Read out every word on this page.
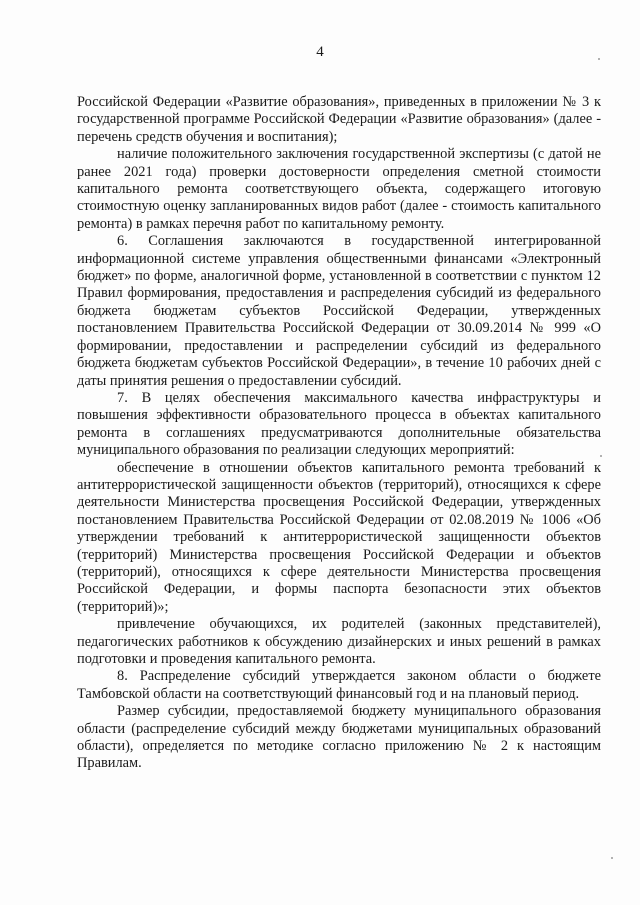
4

Российской Федерации «Развитие образования», приведенных в приложении № 3 к государственной программе Российской Федерации «Развитие образования» (далее - перечень средств обучения и воспитания);

наличие положительного заключения государственной экспертизы (с датой не ранее 2021 года) проверки достоверности определения сметной стоимости капитального ремонта соответствующего объекта, содержащего итоговую стоимостную оценку запланированных видов работ (далее - стоимость капитального ремонта) в рамках перечня работ по капитальному ремонту.

6. Соглашения заключаются в государственной интегрированной информационной системе управления общественными финансами «Электронный бюджет» по форме, аналогичной форме, установленной в соответствии с пунктом 12 Правил формирования, предоставления и распределения субсидий из федерального бюджета бюджетам субъектов Российской Федерации, утвержденных постановлением Правительства Российской Федерации от 30.09.2014 № 999 «О формировании, предоставлении и распределении субсидий из федерального бюджета бюджетам субъектов Российской Федерации», в течение 10 рабочих дней с даты принятия решения о предоставлении субсидий.

7. В целях обеспечения максимального качества инфраструктуры и повышения эффективности образовательного процесса в объектах капитального ремонта в соглашениях предусматриваются дополнительные обязательства муниципального образования по реализации следующих мероприятий:

обеспечение в отношении объектов капитального ремонта требований к антитеррористической защищенности объектов (территорий), относящихся к сфере деятельности Министерства просвещения Российской Федерации, утвержденных постановлением Правительства Российской Федерации от 02.08.2019 № 1006 «Об утверждении требований к антитеррористической защищенности объектов (территорий) Министерства просвещения Российской Федерации и объектов (территорий), относящихся к сфере деятельности Министерства просвещения Российской Федерации, и формы паспорта безопасности этих объектов (территорий)»;

привлечение обучающихся, их родителей (законных представителей), педагогических работников к обсуждению дизайнерских и иных решений в рамках подготовки и проведения капитального ремонта.

8. Распределение субсидий утверждается законом области о бюджете Тамбовской области на соответствующий финансовый год и на плановый период.

Размер субсидии, предоставляемой бюджету муниципального образования области (распределение субсидий между бюджетами муниципальных образований области), определяется по методике согласно приложению № 2 к настоящим Правилам.
